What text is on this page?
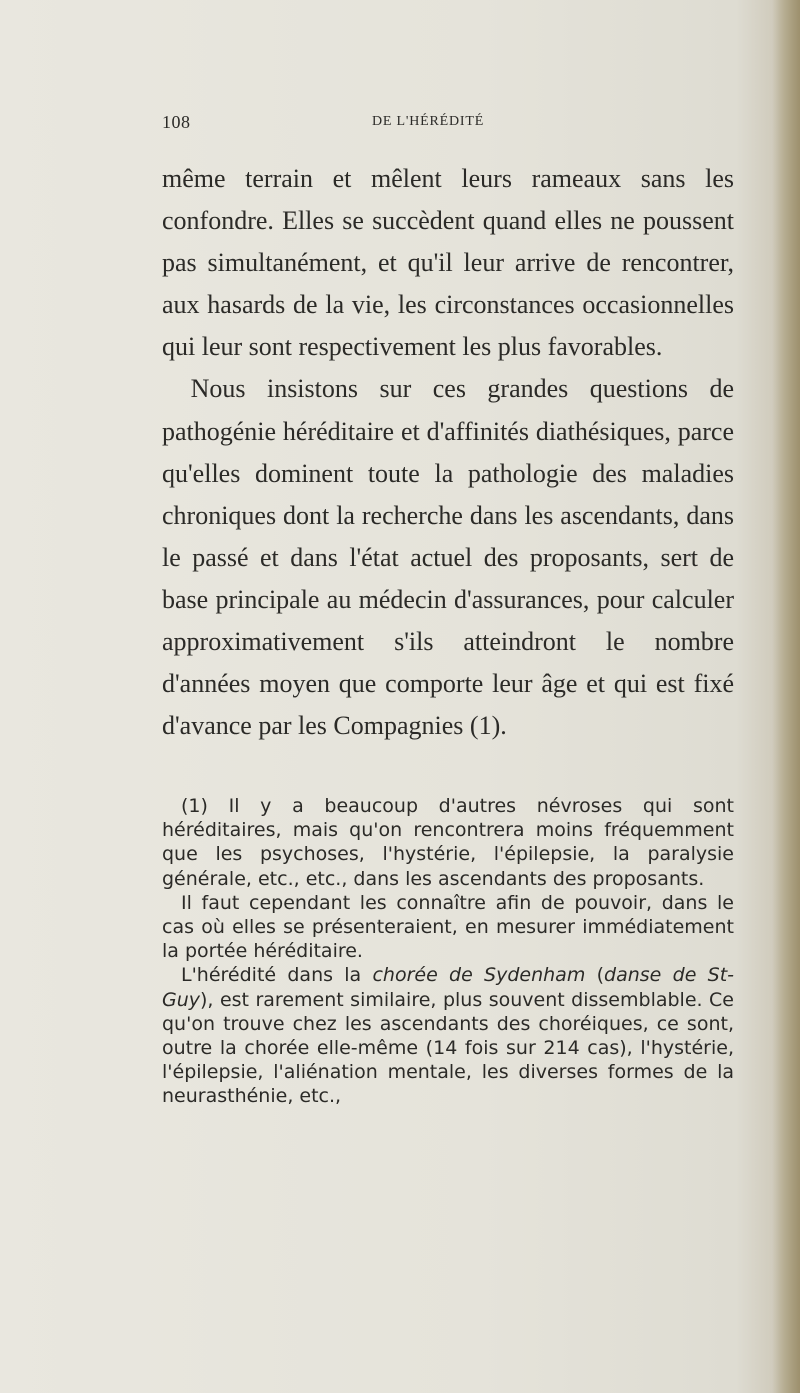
108	DE L'HÉRÉDITÉ

même terrain et mêlent leurs rameaux sans les confondre. Elles se succèdent quand elles ne poussent pas simultanément, et qu'il leur arrive de rencontrer, aux hasards de la vie, les circonstances occasionnelles qui leur sont respectivement les plus favorables.

Nous insistons sur ces grandes questions de pathogénie héréditaire et d'affinités diathésiques, parce qu'elles dominent toute la pathologie des maladies chroniques dont la recherche dans les ascendants, dans le passé et dans l'état actuel des proposants, sert de base principale au médecin d'assurances, pour calculer approximativement s'ils atteindront le nombre d'années moyen que comporte leur âge et qui est fixé d'avance par les Compagnies (1).

(1) Il y a beaucoup d'autres névroses qui sont héréditaires, mais qu'on rencontrera moins fréquemment que les psychoses, l'hystérie, l'épilepsie, la paralysie générale, etc., etc., dans les ascendants des proposants.

Il faut cependant les connaître afin de pouvoir, dans le cas où elles se présenteraient, en mesurer immédiatement la portée héréditaire.

L'hérédité dans la chorée de Sydenham (danse de St-Guy), est rarement similaire, plus souvent dissemblable. Ce qu'on trouve chez les ascendants des choréiques, ce sont, outre la chorée elle-même (14 fois sur 214 cas), l'hystérie, l'épilepsie, l'aliénation mentale, les diverses formes de la neurasthénie, etc.,
